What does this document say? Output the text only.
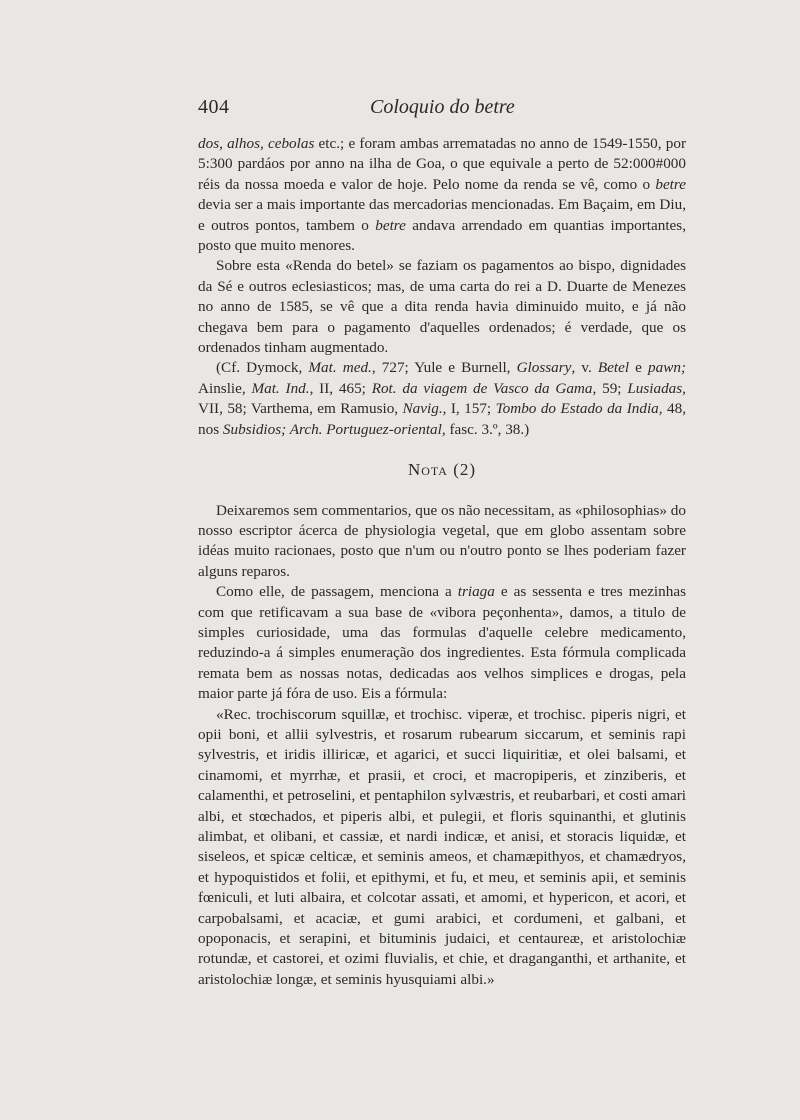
404	Coloquio do betre

dos, alhos, cebolas etc.; e foram ambas arrematadas no anno de 1549-1550, por 5:300 pardáos por anno na ilha de Goa, o que equivale a perto de 52:000#000 réis da nossa moeda e valor de hoje. Pelo nome da renda se vê, como o betre devia ser a mais importante das mercadorias mencionadas. Em Baçaim, em Diu, e outros pontos, tambem o betre andava arrendado em quantias importantes, posto que muito menores.

Sobre esta «Renda do betel» se faziam os pagamentos ao bispo, dignidades da Sé e outros eclesiasticos; mas, de uma carta do rei a D. Duarte de Menezes no anno de 1585, se vê que a dita renda havia diminuido muito, e já não chegava bem para o pagamento d'aquelles ordenados; é verdade, que os ordenados tinham augmentado.

(Cf. Dymock, Mat. med., 727; Yule e Burnell, Glossary, v. Betel e pawn; Ainslie, Mat. Ind., II, 465; Rot. da viagem de Vasco da Gama, 59; Lusiadas, VII, 58; Varthema, em Ramusio, Navig., I, 157; Tombo do Estado da India, 48, nos Subsidios; Arch. Portuguez-oriental, fasc. 3.º, 38.)

Nota (2)

Deixaremos sem commentarios, que os não necessitam, as «philosophias» do nosso escriptor ácerca de physiologia vegetal, que em globo assentam sobre idéas muito racionaes, posto que n'um ou n'outro ponto se lhes poderiam fazer alguns reparos.

Como elle, de passagem, menciona a triaga e as sessenta e tres mezinhas com que retificavam a sua base de «vibora peçonhenta», damos, a titulo de simples curiosidade, uma das formulas d'aquelle celebre medicamento, reduzindo-a á simples enumeração dos ingredientes. Esta fórmula complicada remata bem as nossas notas, dedicadas aos velhos simplices e drogas, pela maior parte já fóra de uso. Eis a fórmula:

«Rec. trochiscorum squillæ, et trochisc. viperæ, et trochisc. piperis nigri, et opii boni, et allii sylvestris, et rosarum rubearum siccarum, et seminis rapi sylvestris, et iridis illiricæ, et agarici, et succi liquiritiæ, et olei balsami, et cinamomi, et myrrhæ, et prasii, et croci, et macropiperis, et zinziberis, et calamenthi, et petroselini, et pentaphilon sylvæstris, et reubarbari, et costi amari albi, et stœchados, et piperis albi, et pulegii, et floris squinanthi, et glutinis alimbat, et olibani, et cassiæ, et nardi indicæ, et anisi, et storacis liquidæ, et siseleos, et spicæ celticæ, et seminis ameos, et chamæpithyos, et chamædryos, et hypoquistidos et folii, et epithymi, et fu, et meu, et seminis apii, et seminis fœniculi, et luti albaira, et colcotar assati, et amomi, et hypericon, et acori, et carpobalsami, et acaciæ, et gumi arabici, et cordumeni, et galbani, et opoponacis, et serapini, et bituminis judaici, et centaureæ, et aristolochiæ rotundæ, et castorei, et ozimi fluvialis, et chie, et draganganthi, et arthanite, et aristolochiæ longæ, et seminis hyusquiami albi.»
